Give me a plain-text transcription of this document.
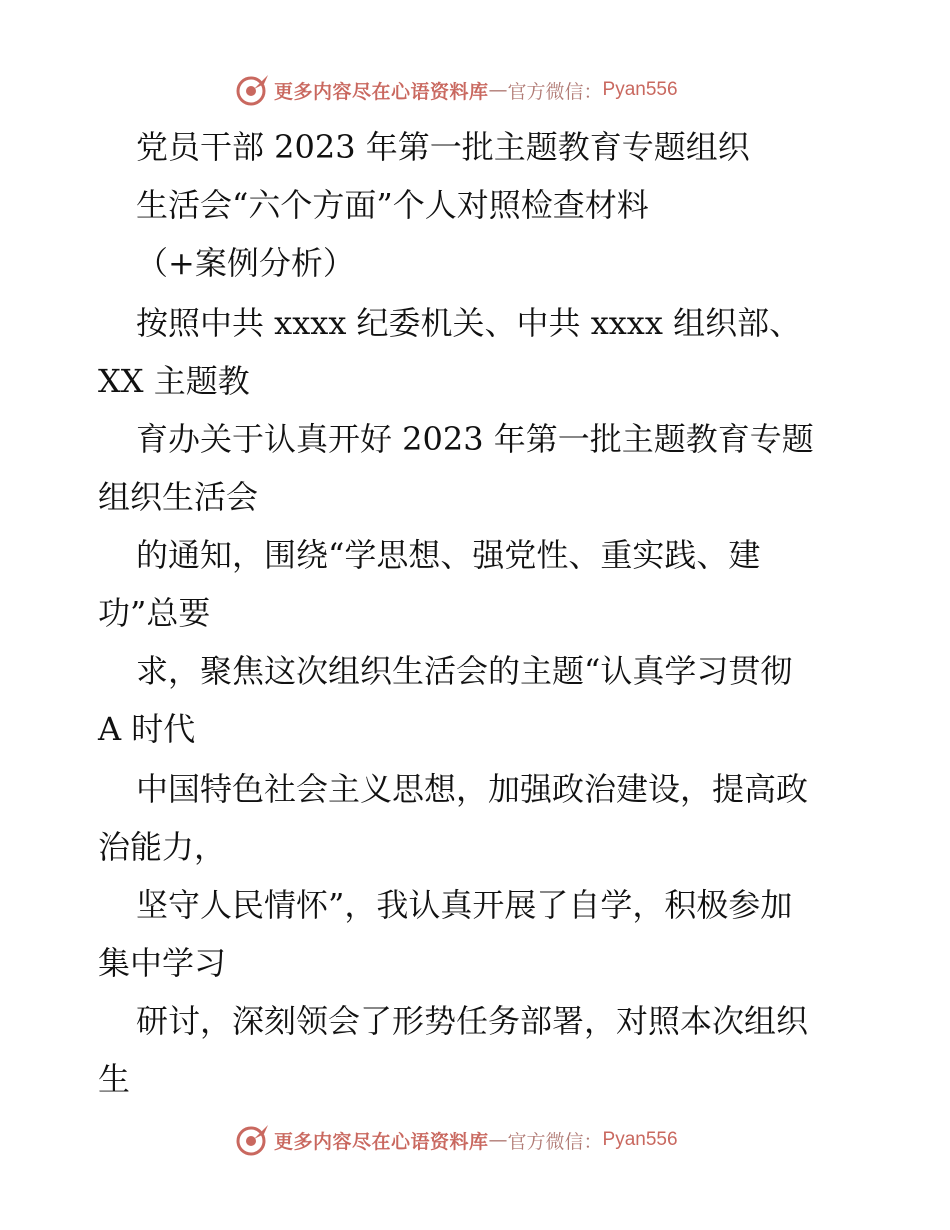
更多内容尽在心语资料库 — 官方微信： Pyan556

党员干部 2023 年第一批主题教育专题组织

生活会“六个方面”个人对照检查材料

（+案例分析）

按照中共 xxxx 纪委机关、中共 xxxx 组织部、

XX 主题教

育办关于认真开好 2023 年第一批主题教育专题

组织生活会

的通知，围绕“学思想、强党性、重实践、建

功”总要

求，聚焦这次组织生活会的主题“认真学习贯彻

A 时代

中国特色社会主义思想，加强政治建设，提高政

治能力，

坚守人民情怀”，我认真开展了自学，积极参加

集中学习

研讨，深刻领会了形势任务部署，对照本次组织

生

更多内容尽在心语资料库 — 官方微信： Pyan556
